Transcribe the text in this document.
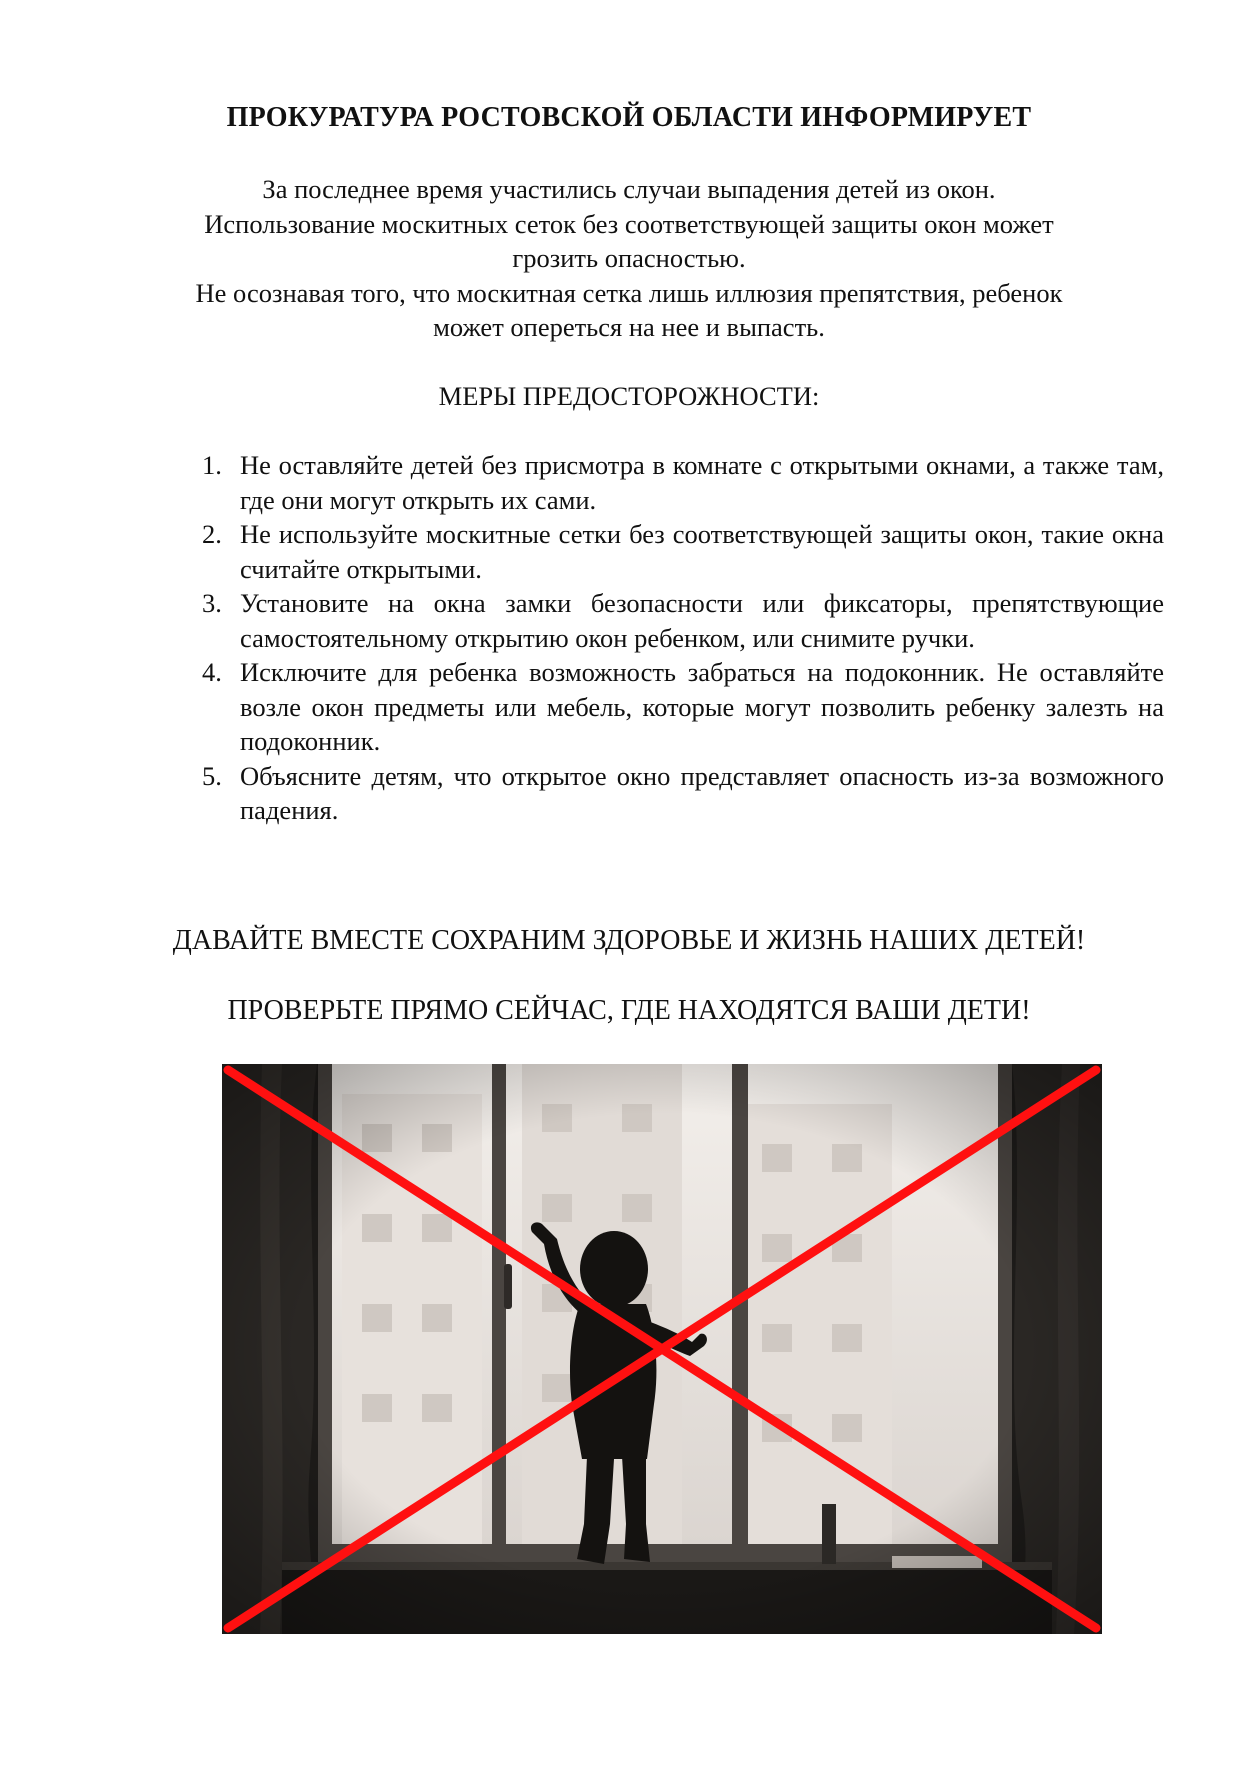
ПРОКУРАТУРА РОСТОВСКОЙ ОБЛАСТИ ИНФОРМИРУЕТ

За последнее время участились случаи выпадения детей из окон.

Использование москитных сеток без соответствующей защиты окон может грозить опасностью.

Не осознавая того, что москитная сетка лишь иллюзия препятствия, ребенок может опереться на нее и выпасть.

МЕРЫ ПРЕДОСТОРОЖНОСТИ:
1. Не оставляйте детей без присмотра в комнате с открытыми окнами, а также там, где они могут открыть их сами.
2. Не используйте москитные сетки без соответствующей защиты окон, такие окна считайте открытыми.
3. Установите на окна замки безопасности или фиксаторы, препятствующие самостоятельному открытию окон ребенком, или снимите ручки.
4. Исключите для ребенка возможность забраться на подоконник. Не оставляйте возле окон предметы или мебель, которые могут позволить ребенку залезть на подоконник.
5. Объясните детям, что открытое окно представляет опасность из-за возможного падения.
ДАВАЙТЕ ВМЕСТЕ СОХРАНИМ ЗДОРОВЬЕ И ЖИЗНЬ НАШИХ ДЕТЕЙ!
ПРОВЕРЬТЕ ПРЯМО СЕЙЧАС, ГДЕ НАХОДЯТСЯ ВАШИ ДЕТИ!
